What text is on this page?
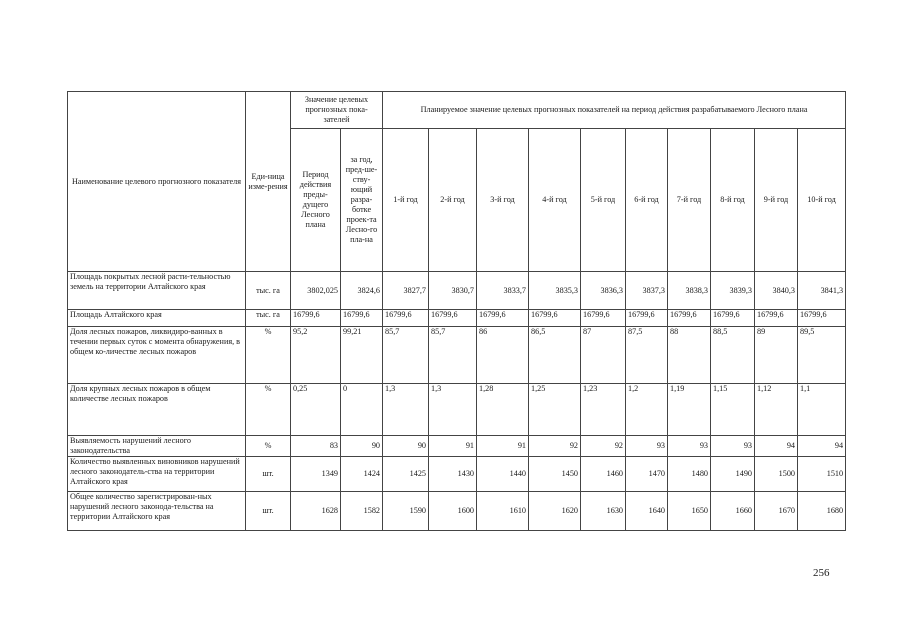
Наименование целевого прогнозного показателя	Еди-ница изме-рения	Значение целевых прогнозных пока-зателей		Планируемое значение целевых прогнозных показателей на период действия разрабатываемого Лесного плана									
		Период действия преды-дущего Лесного плана	за год, пред-ше-ству-ющий разра-ботке проек-та Лесно-го пла-на	1-й год	2-й год	3-й год	4-й год	5-й год	6-й год	7-й год	8-й год	9-й год	10-й год
Площадь покрытых лесной расти-тельностью земель на территории Алтайского края	тыс. га	3802,025	3824,6	3827,7	3830,7	3833,7	3835,3	3836,3	3837,3	3838,3	3839,3	3840,3	3841,3
Площадь Алтайского края	тыс. га	16799,6	16799,6	16799,6	16799,6	16799,6	16799,6	16799,6	16799,6	16799,6	16799,6	16799,6	16799,6
Доля лесных пожаров, ликвидиро-ванных в течении первых суток с момента обнаружения, в общем ко-личестве лесных пожаров	%	95,2	99,21	85,7	85,7	86	86,5	87	87,5	88	88,5	89	89,5
Доля крупных лесных пожаров в общем количестве лесных пожаров	%	0,25	0	1,3	1,3	1,28	1,25	1,23	1,2	1,19	1,15	1,12	1,1
Выявляемость нарушений лесного законодательства	%	83	90	90	91	91	92	92	93	93	93	94	94
Количество выявленных виновников нарушений лесного законодатель-ства на территории Алтайского края	шт.	1349	1424	1425	1430	1440	1450	1460	1470	1480	1490	1500	1510
Общее количество зарегистрирован-ных нарушений лесного законода-тельства на территории Алтайского края	шт.	1628	1582	1590	1600	1610	1620	1630	1640	1650	1660	1670	1680
256
